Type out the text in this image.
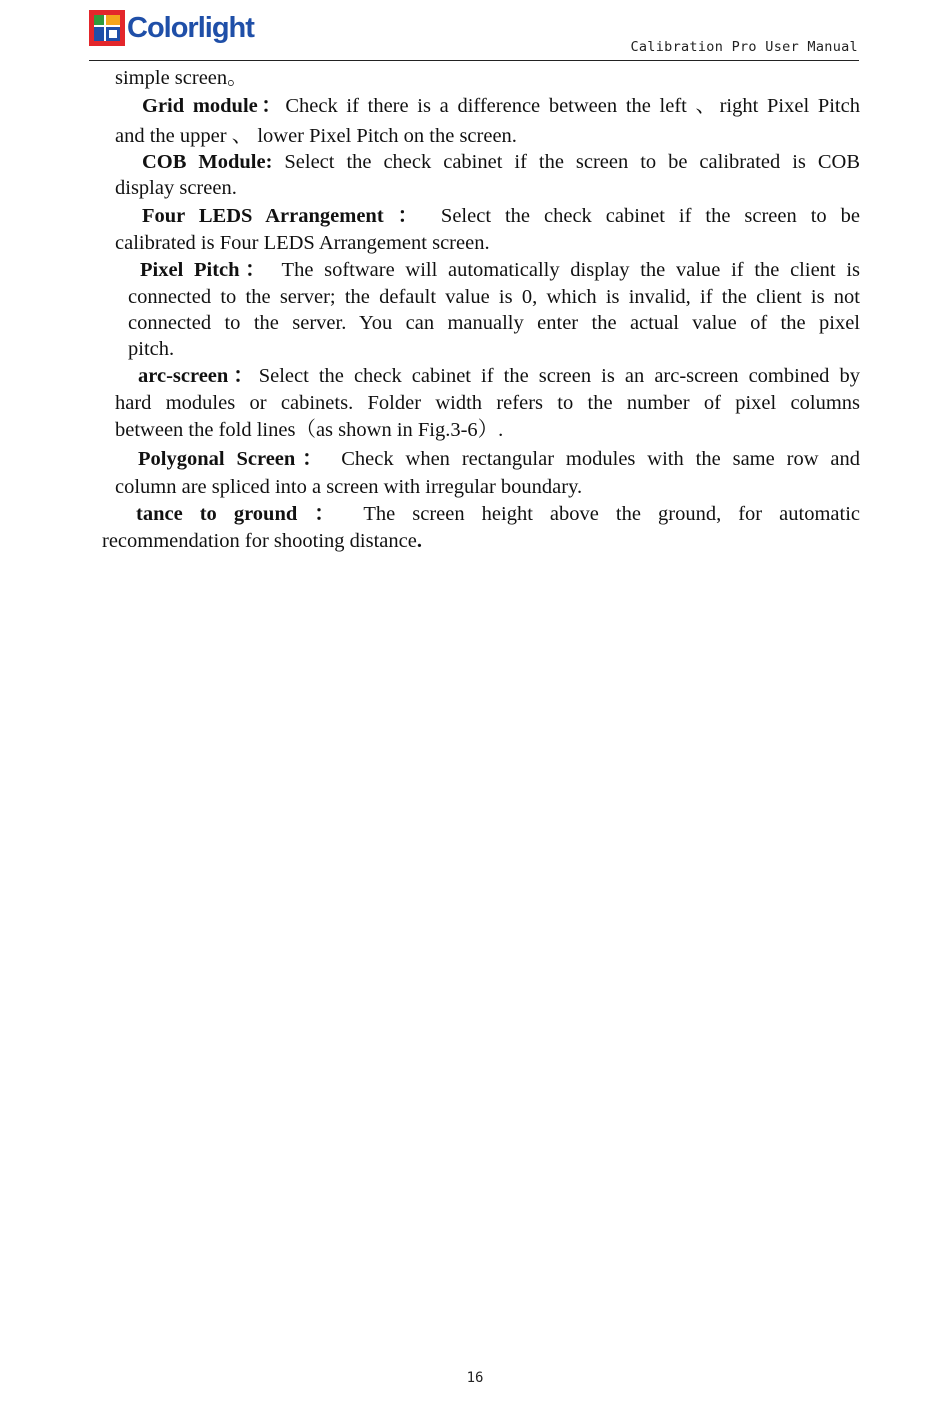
Colorlight
Calibration Pro User Manual
simple screen。
Grid module：Check if there is a difference between the left 、right Pixel Pitch
and the upper 、 lower Pixel Pitch on the screen.
COB Module: Select the check cabinet if the screen to be calibrated is COB
display screen.
Four LEDS Arrangement ： Select the check cabinet if the screen to be
calibrated is Four LEDS Arrangement screen.
Pixel Pitch： The software will automatically display the value if the client is
connected to the server; the default value is 0, which is invalid, if the client is not
connected to the server. You can manually enter the actual value of the pixel
pitch.
arc-screen：Select the check cabinet if the screen is an arc-screen combined by
hard modules or cabinets. Folder width refers to the number of pixel columns
between the fold lines（as shown in Fig.3-6）.
Polygonal Screen： Check when rectangular modules with the same row and
column are spliced into a screen with irregular boundary.
tance to ground ： The screen height above the ground, for automatic
recommendation for shooting distance.
16
